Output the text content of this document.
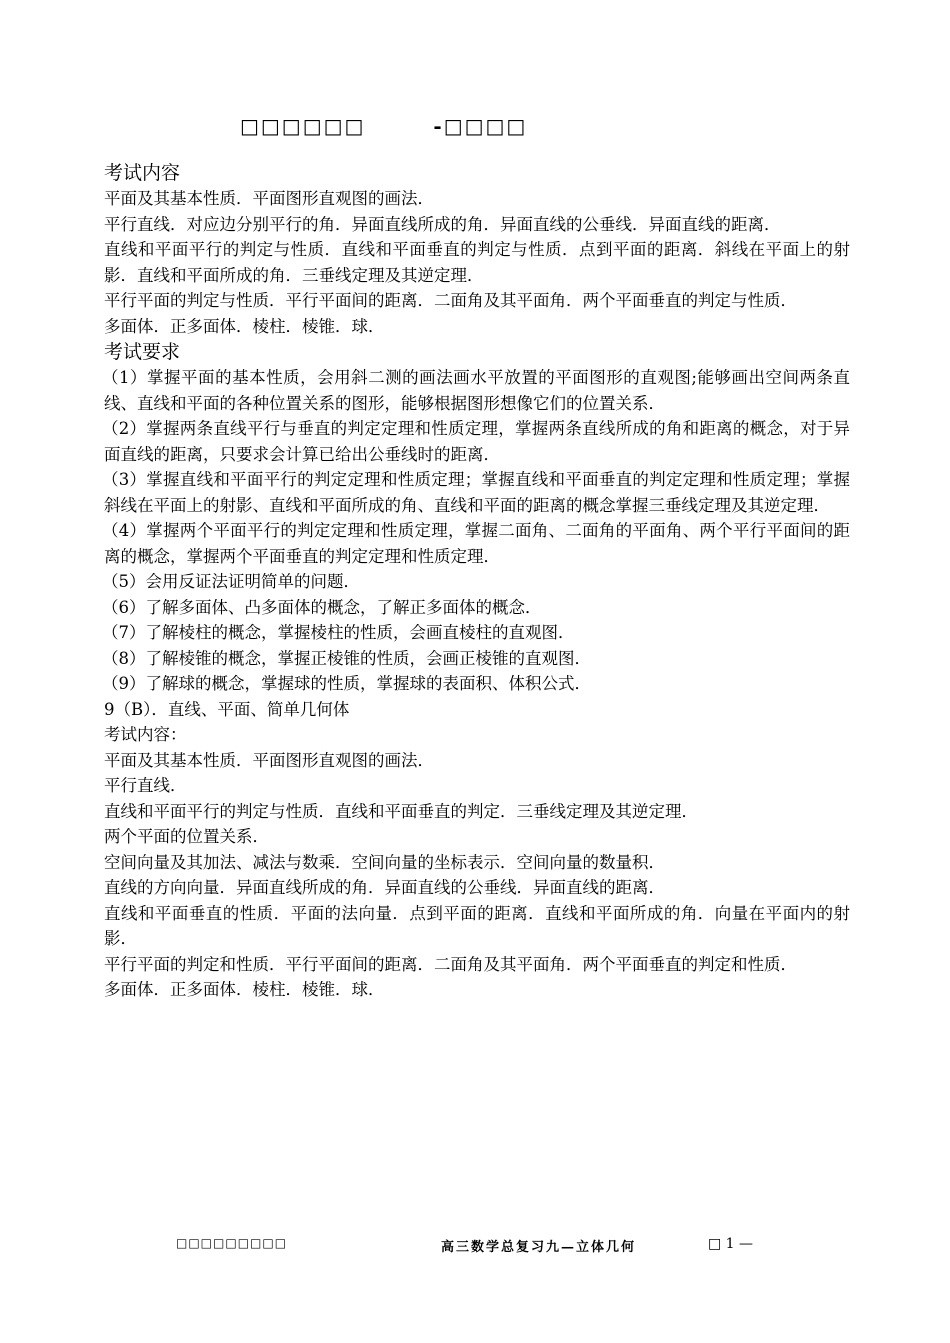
□□□□□□	-□□□□
考试内容
平面及其基本性质．平面图形直观图的画法．
平行直线．对应边分别平行的角．异面直线所成的角．异面直线的公垂线．异面直线的距离．
直线和平面平行的判定与性质．直线和平面垂直的判定与性质．点到平面的距离．斜线在平面上的射影．直线和平面所成的角．三垂线定理及其逆定理．
平行平面的判定与性质．平行平面间的距离．二面角及其平面角．两个平面垂直的判定与性质．
多面体．正多面体．棱柱．棱锥．球．
考试要求
（1）掌握平面的基本性质，会用斜二测的画法画水平放置的平面图形的直观图;能够画出空间两条直线、直线和平面的各种位置关系的图形，能够根据图形想像它们的位置关系．
（2）掌握两条直线平行与垂直的判定定理和性质定理，掌握两条直线所成的角和距离的概念，对于异面直线的距离，只要求会计算已给出公垂线时的距离．
（3）掌握直线和平面平行的判定定理和性质定理；掌握直线和平面垂直的判定定理和性质定理；掌握斜线在平面上的射影、直线和平面所成的角、直线和平面的距离的概念掌握三垂线定理及其逆定理．
（4）掌握两个平面平行的判定定理和性质定理，掌握二面角、二面角的平面角、两个平行平面间的距离的概念，掌握两个平面垂直的判定定理和性质定理．
（5）会用反证法证明简单的问题．
（6）了解多面体、凸多面体的概念，了解正多面体的概念．
（7）了解棱柱的概念，掌握棱柱的性质，会画直棱柱的直观图．
（8）了解棱锥的概念，掌握正棱锥的性质，会画正棱锥的直观图．
（9）了解球的概念，掌握球的性质，掌握球的表面积、体积公式．
9（B）．直线、平面、简单几何体
考试内容：
平面及其基本性质．平面图形直观图的画法．
平行直线．
直线和平面平行的判定与性质．直线和平面垂直的判定．三垂线定理及其逆定理．
两个平面的位置关系．
空间向量及其加法、减法与数乘．空间向量的坐标表示．空间向量的数量积．
直线的方向向量．异面直线所成的角．异面直线的公垂线．异面直线的距离．
直线和平面垂直的性质．平面的法向量．点到平面的距离．直线和平面所成的角．向量在平面内的射影．
平行平面的判定和性质．平行平面间的距离．二面角及其平面角．两个平面垂直的判定和性质．
多面体．正多面体．棱柱．棱锥．球．
□□□□□□□□□	高三数学总复习九—立体几何	□ 1 —
